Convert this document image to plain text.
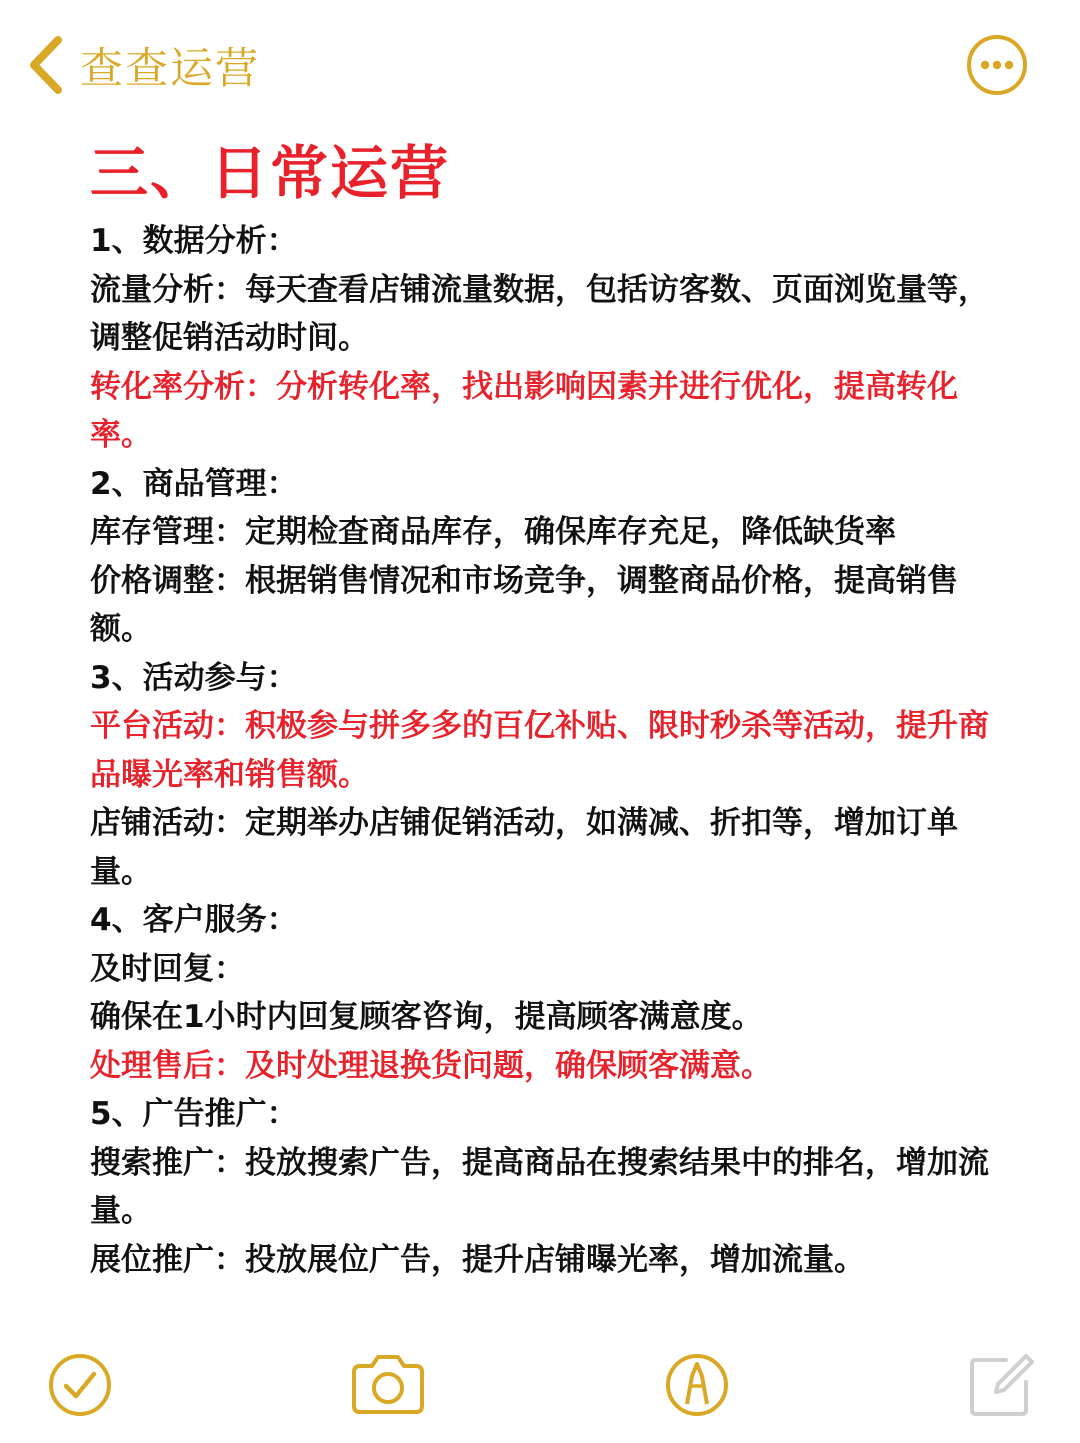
查查运营
三、日常运营

1、数据分析：

流量分析：每天查看店铺流量数据，包括访客数、页面浏览量等，调整促销活动时间。

转化率分析：分析转化率，找出影响因素并进行优化，提高转化率。

2、商品管理：

库存管理：定期检查商品库存，确保库存充足，降低缺货率

价格调整：根据销售情况和市场竞争，调整商品价格，提高销售额。

3、活动参与：

平台活动：积极参与拼多多的百亿补贴、限时秒杀等活动，提升商品曝光率和销售额。

店铺活动：定期举办店铺促销活动，如满减、折扣等，增加订单量。

4、客户服务：

及时回复：

确保在1小时内回复顾客咨询，提高顾客满意度。

处理售后：及时处理退换货问题，确保顾客满意。

5、广告推广：

搜索推广：投放搜索广告，提高商品在搜索结果中的排名，增加流量。

展位推广：投放展位广告，提升店铺曝光率，增加流量。
